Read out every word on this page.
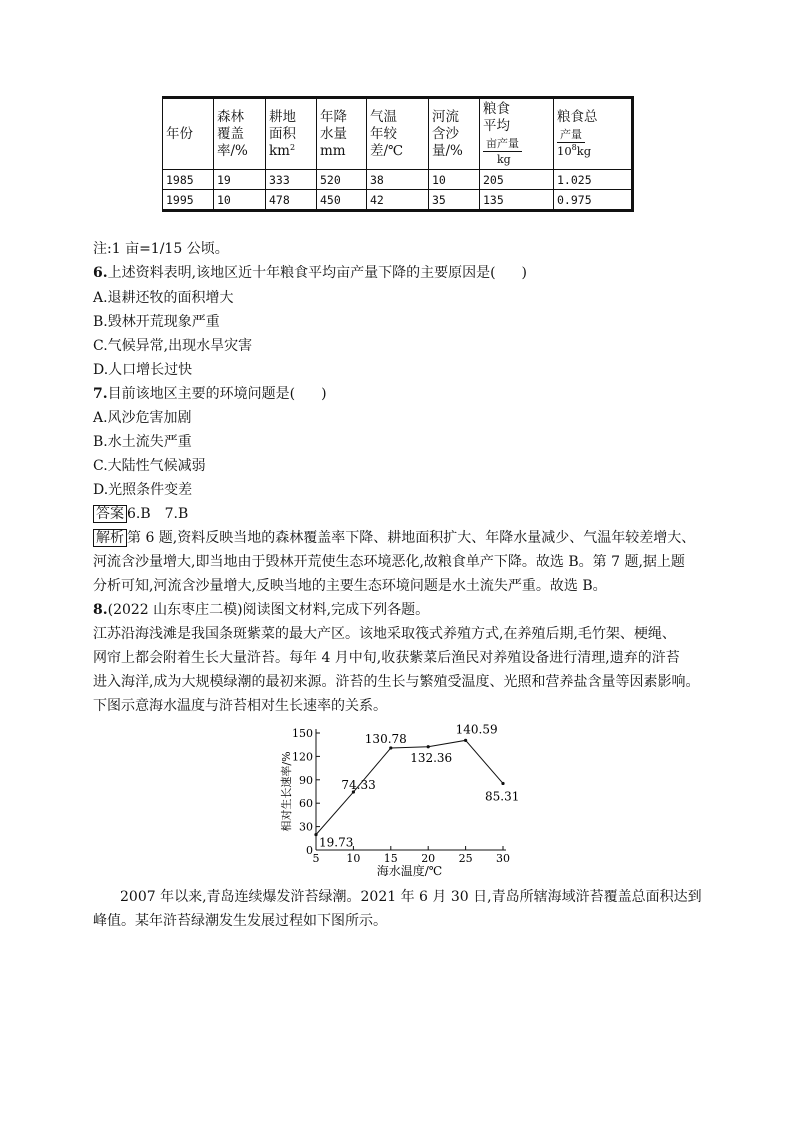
年份	森林
覆盖
率/%	耕地
面积
$km^2$	年降
水量
mm	气温
年较
差/℃	河流
含沙
量/%	粮食
平均
亩产量
kg	粮食总
产量
$10^8kg$

1985	19	333	520	38	10	205	1.025
1995	10	478	450	42	35	135	0.975
注:1 亩=1/15 公顷。
6.上述资料表明,该地区近十年粮食平均亩产量下降的主要原因是( )
A.退耕还牧的面积增大
B.毁林开荒现象严重
C.气候异常,出现水旱灾害
D.人口增长过快
7.目前该地区主要的环境问题是( )
A.风沙危害加剧
B.水土流失严重
C.大陆性气候减弱
D.光照条件变差
答案 6.B　7.B
解析 第 6 题,资料反映当地的森林覆盖率下降、耕地面积扩大、年降水量减少、气温年较差增大、
河流含沙量增大,即当地由于毁林开荒使生态环境恶化,故粮食单产下降。故选 B。第 7 题,据上题
分析可知,河流含沙量增大,反映当地的主要生态环境问题是水土流失严重。故选 B。
8.(2022 山东枣庄二模)阅读图文材料,完成下列各题。
江苏沿海浅滩是我国条斑紫菜的最大产区。该地采取筏式养殖方式,在养殖后期,毛竹架、梗绳、
网帘上都会附着生长大量浒苔。每年 4 月中旬,收获紫菜后渔民对养殖设备进行清理,遗弃的浒苔
进入海洋,成为大规模绿潮的最初来源。浒苔的生长与繁殖受温度、光照和营养盐含量等因素影响。
下图示意海水温度与浒苔相对生长速率的关系。
0
30
60
90
120
150
5 10 15 20 25 30
海水温度/℃
相对生长速率/%
19.73
74.33
130.78
132.36
140.59
85.31
2007 年以来,青岛连续爆发浒苔绿潮。2021 年 6 月 30 日,青岛所辖海域浒苔覆盖总面积达到
峰值。某年浒苔绿潮发生发展过程如下图所示。
